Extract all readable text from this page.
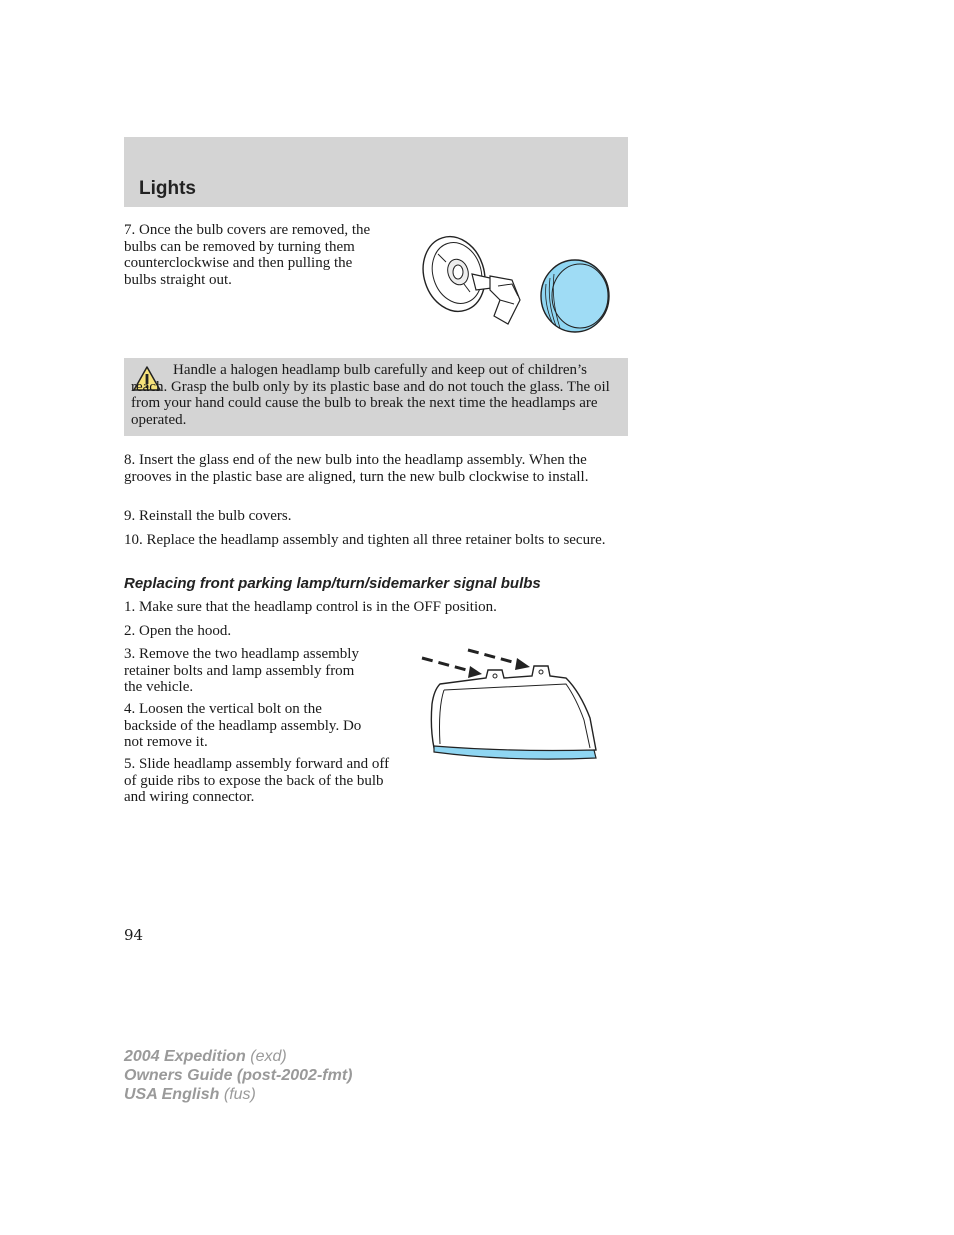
Lights

7. Once the bulb covers are removed, the bulbs can be removed by turning them counterclockwise and then pulling the bulbs straight out.

Handle a halogen headlamp bulb carefully and keep out of children’s reach. Grasp the bulb only by its plastic base and do not touch the glass. The oil from your hand could cause the bulb to break the next time the headlamps are operated.

8. Insert the glass end of the new bulb into the headlamp assembly. When the grooves in the plastic base are aligned, turn the new bulb clockwise to install.

9. Reinstall the bulb covers.

10. Replace the headlamp assembly and tighten all three retainer bolts to secure.

Replacing front parking lamp/turn/sidemarker signal bulbs

1. Make sure that the headlamp control is in the OFF position.

2. Open the hood.

3. Remove the two headlamp assembly retainer bolts and lamp assembly from the vehicle.

4. Loosen the vertical bolt on the backside of the headlamp assembly. Do not remove it.

5. Slide headlamp assembly forward and off of guide ribs to expose the back of the bulb and wiring connector.

94

2004 Expedition (exd)
Owners Guide (post-2002-fmt)
USA English (fus)
